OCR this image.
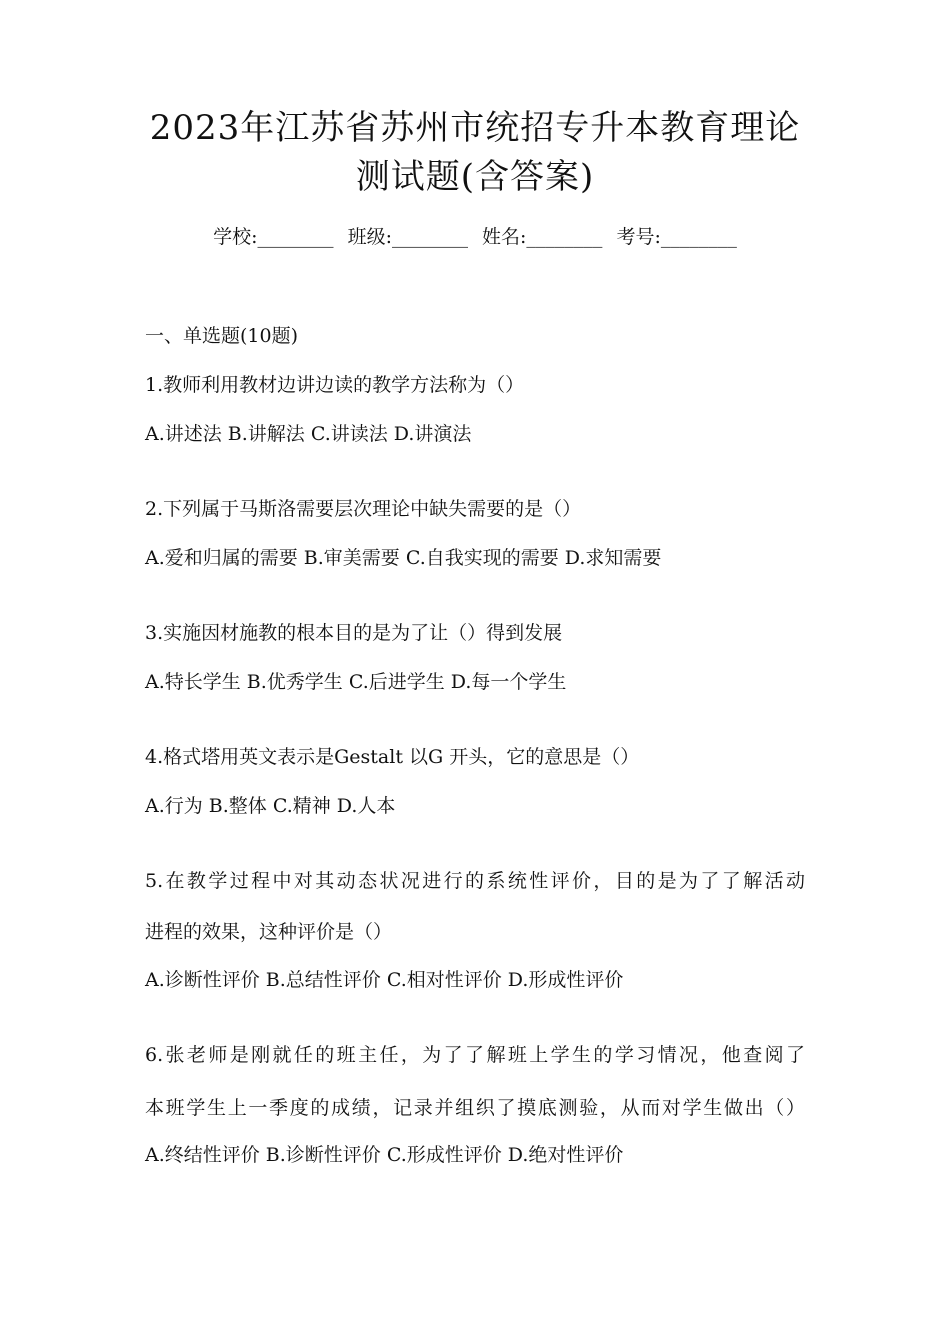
2023年江苏省苏州市统招专升本教育理论
测试题(含答案)
学校:________ 班级:________ 姓名:________ 考号:________
一、单选题(10题)
1.教师利用教材边讲边读的教学方法称为（）
A.讲述法 B.讲解法 C.讲读法 D.讲演法
2.下列属于马斯洛需要层次理论中缺失需要的是（）
A.爱和归属的需要 B.审美需要 C.自我实现的需要 D.求知需要
3.实施因材施教的根本目的是为了让（）得到发展
A.特长学生 B.优秀学生 C.后进学生 D.每一个学生
4.格式塔用英文表示是Gestalt 以G 开头，它的意思是（）
A.行为 B.整体 C.精神 D.人本
5.在教学过程中对其动态状况进行的系统性评价，目的是为了了解活动
进程的效果，这种评价是（）
A.诊断性评价 B.总结性评价 C.相对性评价 D.形成性评价
6.张老师是刚就任的班主任，为了了解班上学生的学习情况，他查阅了
本班学生上一季度的成绩，记录并组织了摸底测验，从而对学生做出（）
A.终结性评价 B.诊断性评价 C.形成性评价 D.绝对性评价
